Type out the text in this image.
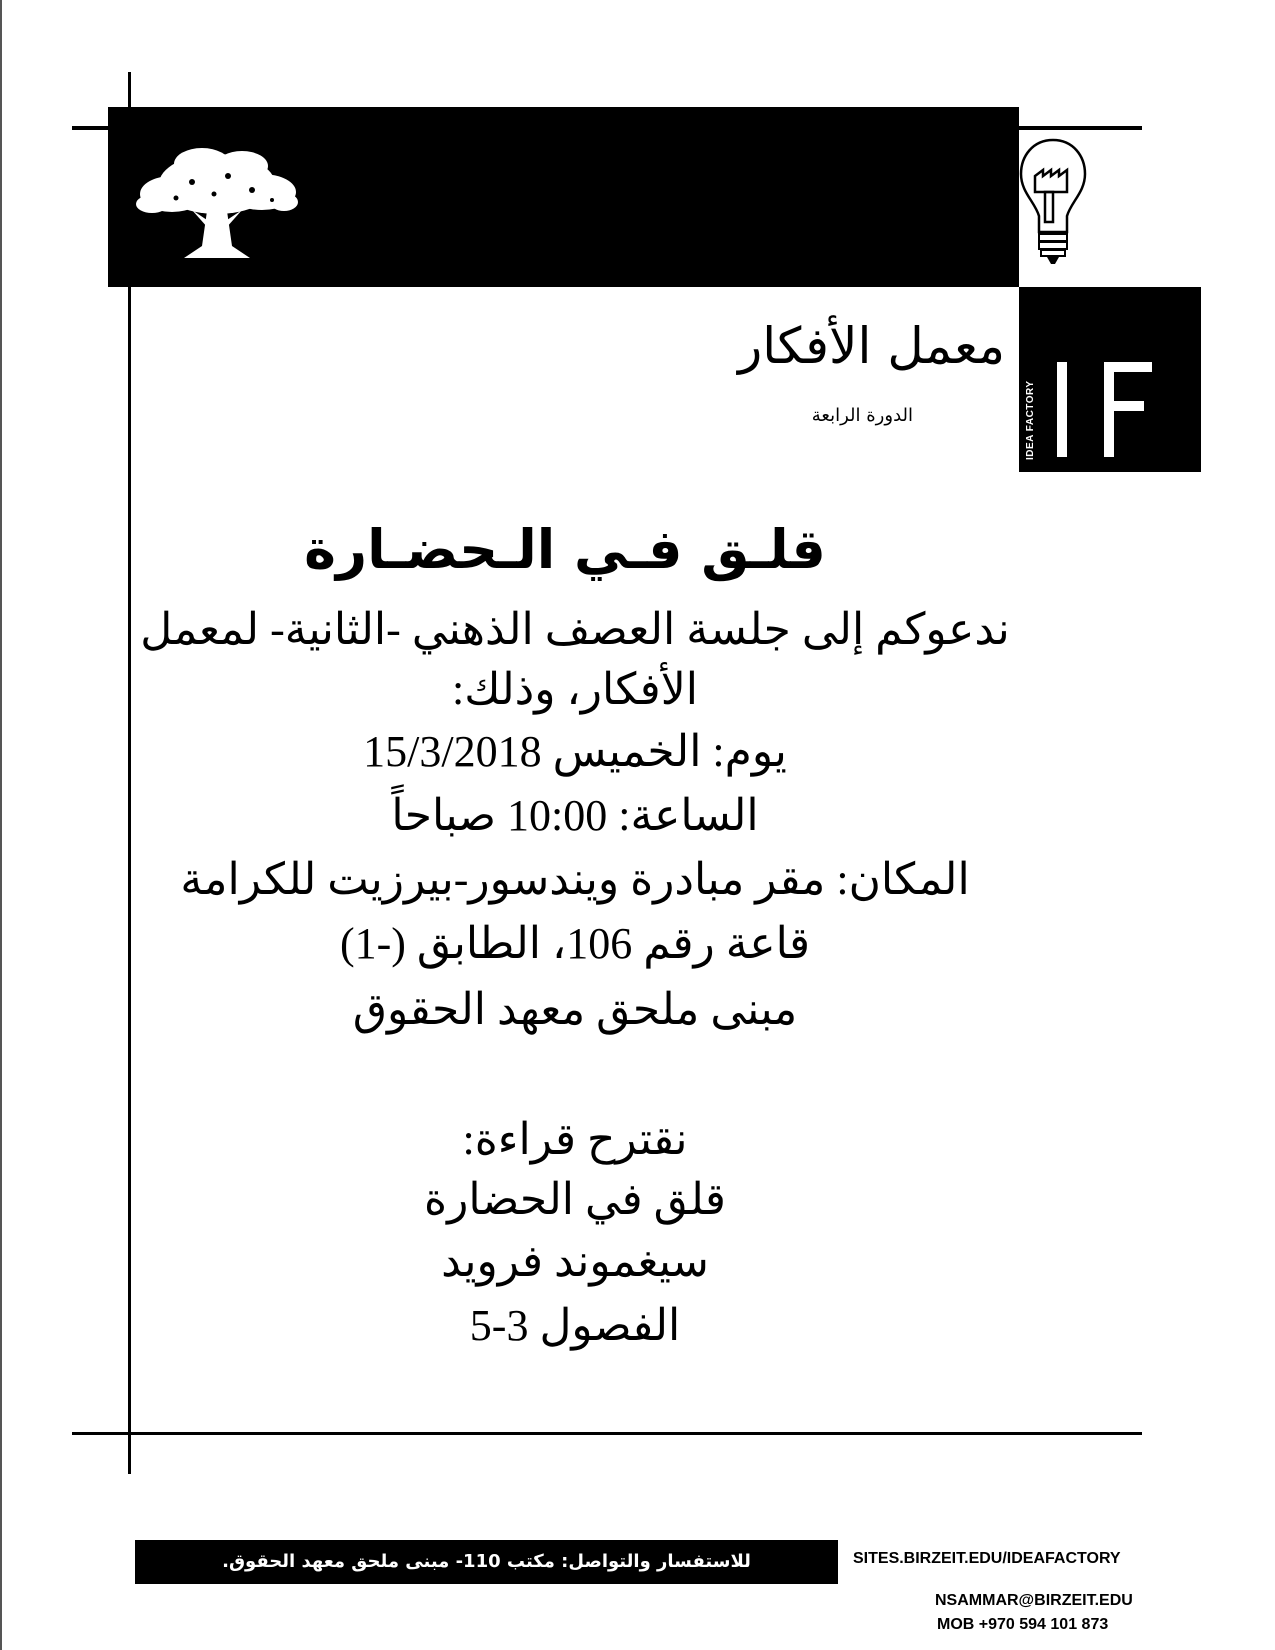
IDEA FACTORY
معمل الأفكار
الدورة الرابعة
قلـق فـي الـحضـارة
ندعوكم إلى جلسة العصف الذهني -الثانية- لمعمل
الأفكار، وذلك:
يوم: الخميس 15/3/2018
الساعة: 10:00 صباحاً
المكان: مقر مبادرة ويندسور-بيرزيت للكرامة
قاعة رقم 106، الطابق (-1)
مبنى ملحق معهد الحقوق
نقترح قراءة:
قلق في الحضارة
سيغموند فرويد
الفصول 3-5
للاستفسار والتواصل: مكتب 110- مبنى ملحق معهد الحقوق.	SITES.BIRZEIT.EDU/IDEAFACTORY
NSAMMAR@BIRZEIT.EDU
MOB +970 594 101 873
